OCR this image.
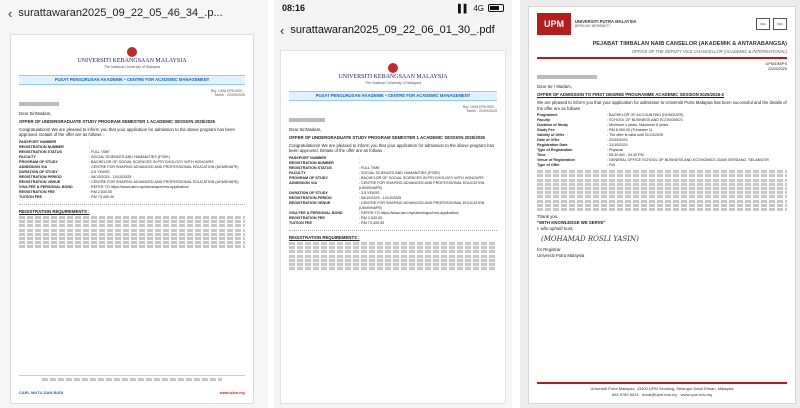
‹ surattawaran2025_09_22_05_46_34_.p...
UNIVERSITI KEBANGSAAN MALAYSIA
The National University of Malaysia
PUSAT PENGURUSAN AKADEMIK • CENTRE FOR ACADEMIC MANAGEMENT
Ruj: UKM.KPA.900/...
Tarikh : 22/09/2025
Dear Sir/Madam,
OFFER OF UNDERGRADUATE STUDY PROGRAM SEMESTER 1 ACADEMIC SESSION 2025/2026
Congratulations! We are pleased to inform you that your application for admission to the above program has been approved. Details of the offer are as follows :
PASSPORT NUMBER	:
REGISTRATION NUMBER	:
REGISTRATION STATUS	: FULL TIME
FACULTY	: SOCIAL SCIENCES AND HUMANITIES (FSSK)
PROGRAM OF STUDY	: BACHELOR OF SOCIAL SCIENCES IN PSYCHOLOGY WITH HONOURS
ADMISSION VIA	: CENTRE FOR SHAPING ADVANCED AND PROFESSIONAL EDUCATION (UKMSHAPE)
DURATION OF STUDY	: 3.5 YEARS
REGISTRATION PERIOD	: 06/10/2025 - 10/10/2025
REGISTRATION VENUE	: CENTRE FOR SHAPING ADVANCED AND PROFESSIONAL EDUCATION (UKMSHAPE)
VISA FEE & PERSONAL BOND	: REFER TO https://www.ukm.my/ukmshape/new-application/
REGISTRATION FEE	: RM 2,530.00
TUITION FEE	: RM 73,400.00
REGISTRATION REQUIREMENTS :
CARI, MUTU DAN BUDI	www.ukm.my
08:16	▌▌ 4G
‹ surattawaran2025_09_22_06_01_30_.pdf
UNIVERSITI KEBANGSAAN MALAYSIA
The National University of Malaysia
PUSAT PENGURUSAN AKADEMIK • CENTRE FOR ACADEMIC MANAGEMENT
Ruj: UKM.KPA.900/...
Tarikh : 22/09/2025
Dear Sir/Madam,
OFFER OF UNDERGRADUATE STUDY PROGRAM SEMESTER 1 ACADEMIC SESSION 2025/2026
Congratulations! We are pleased to inform you that your application for admission to the above program has been approved. Details of the offer are as follows :
PASSPORT NUMBER	:
REGISTRATION NUMBER	:
REGISTRATION STATUS	: FULL TIME
FACULTY	: SOCIAL SCIENCES AND HUMANITIES (FSSK)
PROGRAM OF STUDY	: BACHELOR OF SOCIAL SCIENCES IN PSYCHOLOGY WITH HONOURS
ADMISSION VIA	: CENTRE FOR SHAPING ADVANCED AND PROFESSIONAL EDUCATION (UKMSHAPE)
DURATION OF STUDY	: 3.5 YEARS
REGISTRATION PERIOD	: 06/10/2025 - 10/10/2025
REGISTRATION VENUE	: CENTRE FOR SHAPING ADVANCED AND PROFESSIONAL EDUCATION (UKMSHAPE)
VISA FEE & PERSONAL BOND	: REFER TO https://www.ukm.my/ukmshape/new-application/
REGISTRATION FEE	: RM 2,530.00
TUITION FEE	: RM 73,400.00
REGISTRATION REQUIREMENTS :
UPM	UNIVERSITI PUTRA MALAYSIA
BERILMU BERBAKTI
ISO	ISO
PEJABAT TIMBALAN NAIB CANSELOR (AKADEMIK & ANTARABANGSA)
OFFICE OF THE DEPUTY VICE CHANCELLOR (ACADEMIC & INTERNATIONAL)
UPM/DM/PS
22/09/2025
Dear Sir / Madam,
OFFER OF ADMISSION TO FIRST DEGREE PROGRAMME ACADEMIC SESSION 2025/2026-2
We are pleased to inform you that your application for admission to Universiti Putra Malaysia has been successful and the details of the offer are as follows :
Programme	: BACHELOR OF ACCOUNTING (HONOURS)
Faculty	: SCHOOL OF BUSINESS AND ECONOMICS
Duration of Study	: Minimum 4 years, Maximum 6 years
Study Fee	: RM 8,060.00 (Trimester 1)
Validity of Offer	: The offer is valid until 31/10/2025
Date of Offer	: 22/09/2025
Registration Date	: 31/10/2025
Type of Registration	: Physical
Time	: 08.30 AM - 04.30 PM
Venue of Registration	: GENERAL OFFICE SCHOOL OF BUSINESS AND ECONOMICS 43400 SERDANG, SELANGOR
Type of Offer	: Full
Thank you.
"WITH KNOWLEDGE WE SERVE"
I, who uphold trust,
(MOHAMAD ROSLI YASIN)
for Registrar
Universiti Putra Malaysia
Universiti Putra Malaysia, 43400 UPM Serdang, Selangor Darul Ehsan, Malaysia
603-9769 6024 dvcai@upm.edu.my www.upm.edu.my
